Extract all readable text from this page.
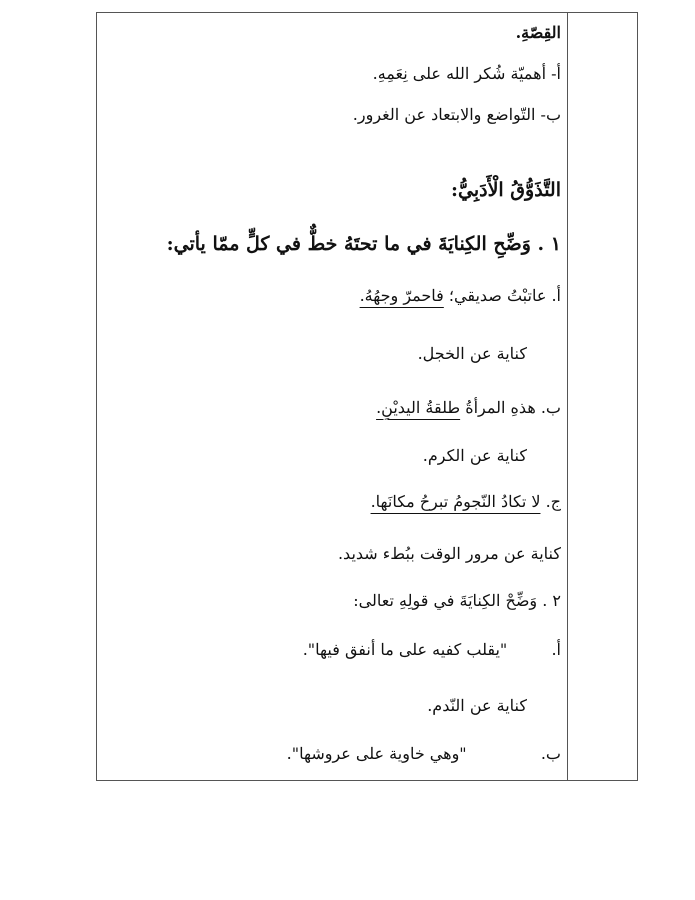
القِصّةِ.
أ- أهميّة شُكر الله على نِعَمِهِ.
ب- التّواضع والابتعاد عن الغرور.
التَّذَوُّقُ الْأَدَبِيُّ:
١ . وَضِّحِ الكِنايَةَ في ما تحتَهُ خطٌّ في كلٍّ ممّا يأتي:
أ. عاتبْتُ صديقي؛ فاحمرّ وجهُهُ.
كناية عن الخجل.
ب. هذهِ المرأةُ طلقةُ اليديْنِ.
كناية عن الكرم.
ج. لا تكادُ النّجومُ تبرحُ مكانَها.
كناية عن مرور الوقت ببُطء شديد.
٢ . وَضِّحْ الكِنايَةَ في قولِهِ تعالى:
أ.  "يقلب كفيه على ما أنفق فيها".
كناية عن النّدم.
ب.  "وهي خاوية على عروشها".
